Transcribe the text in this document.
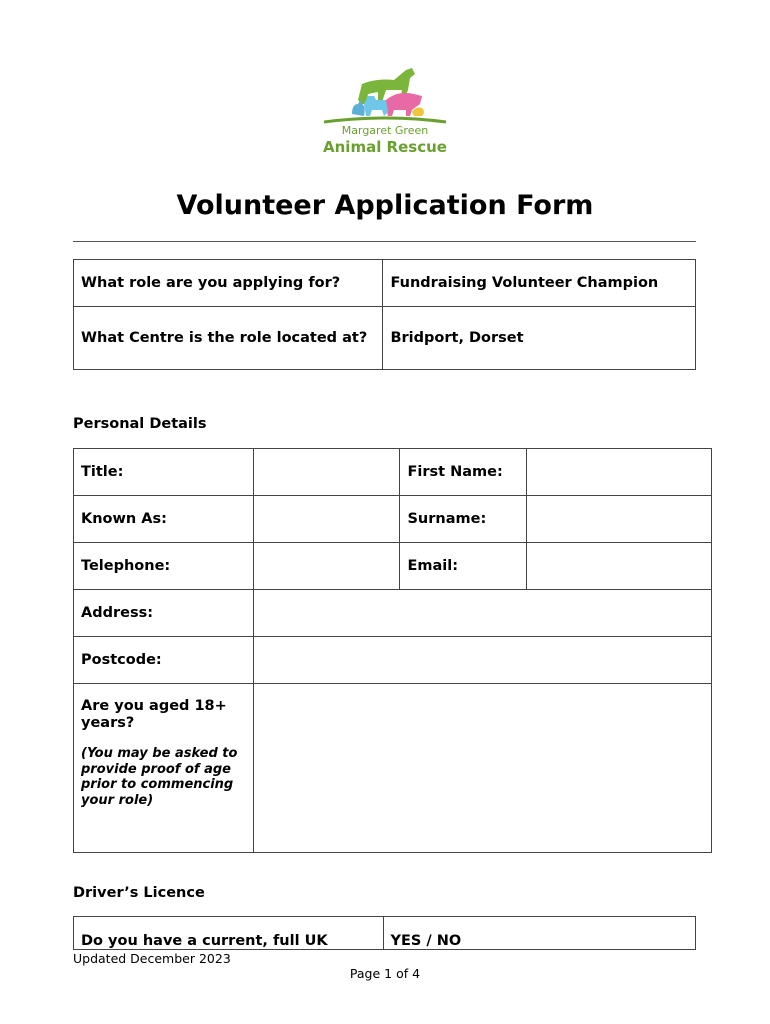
Margaret Green
Animal Rescue
Volunteer Application Form
What role are you applying for?	Fundraising Volunteer Champion
What Centre is the role located at?	Bridport, Dorset
Personal Details
Title:		First Name:	
Known As:		Surname:	
Telephone:		Email:	
Address:			
Postcode:			

Are you aged 18+ years?
(You may be asked to provide proof of age prior to commencing your role)			

Driver’s Licence
Do you have a current, full UK	YES / NO
Updated December 2023
Page 1 of 4
